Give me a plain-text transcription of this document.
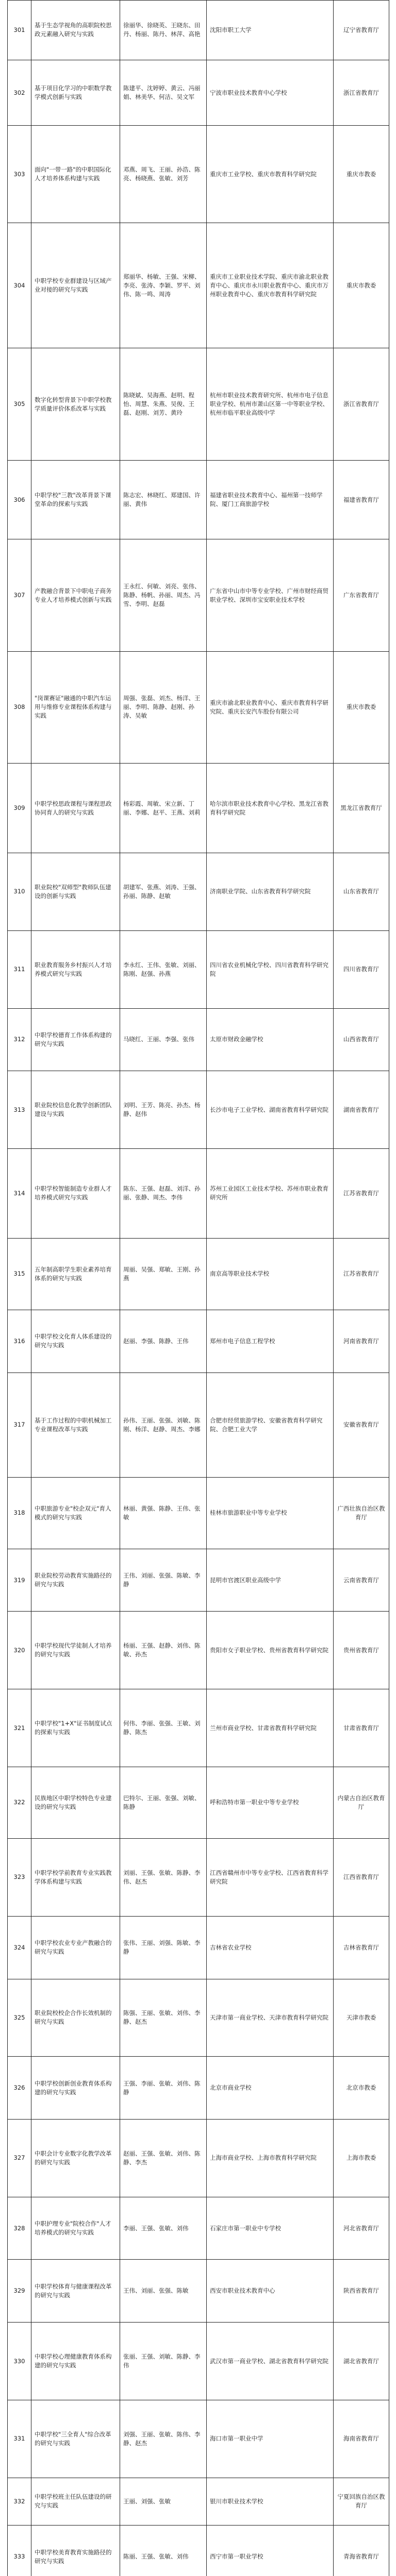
301	基于生态学视角的高职院校思政元素融入研究与实践	徐丽华、徐晓英、王晓东、田丹、杨丽、陈丹、林萍、高艳	沈阳市职工大学	辽宁省教育厅
302	基于项目化学习的中职数学教学模式创新与实践	陈建平、沈婷婷、黄云、冯丽娟、林美华、何洁、吴文军	宁波市职业技术教育中心学校	浙江省教育厅
303	面向"一带一路"的中职国际化人才培养体系构建与实践	邓燕、周飞、王丽、孙浩、陈亮、杨晓燕、张敏、刘芳	重庆市工业学校、重庆市教育科学研究院	重庆市教委
304	中职学校专业群建设与区域产业对接的研究与实践	郑丽华、杨敏、王强、宋柳、李亮、张涛、李颖、罗平、刘伟、陈一鸣、周涛	重庆市工业职业技术学院、重庆市渝北职业教育中心、重庆市永川职业教育中心、重庆市万州职业教育中心、重庆市教育科学研究院	重庆市教委
305	数字化转型背景下中职学校教学质量评价体系改革与实践	陈晓斌、吴海燕、赵明、程怡、周慧、朱燕、吴俊、王磊、赵刚、刘芳、黄玲	杭州市职业技术教育研究所、杭州市电子信息职业学校、杭州市萧山区第一中等职业学校、杭州市临平职业高级中学	浙江省教育厅
306	中职学校"三教"改革背景下课堂革命的探索与实践	陈志宏、林晓红、郑建国、许丽、黄伟	福建省职业技术教育中心、福州第一技师学院、厦门工商旅游学校	福建省教育厅
307	产教融合背景下中职电子商务专业人才培养模式创新与实践	王永红、何敏、刘亮、张伟、陈静、杨帆、孙丽、周杰、冯雪、李明、赵磊	广东省中山市中等专业学校、广州市财经商贸职业学校、深圳市宝安职业技术学校	广东省教育厅
308	"岗课赛证"融通的中职汽车运用与维修专业课程体系构建与实践	周强、张磊、刘杰、杨洋、王丽、李明、陈静、赵刚、孙涛、吴敏	重庆市渝北职业教育中心、重庆市教育科学研究院、重庆长安汽车股份有限公司	重庆市教委
309	中职学校思政课程与课程思政协同育人的研究与实践	杨彩霞、周敏、宋立新、丁丽、李娜、赵平、王燕、刘莉	哈尔滨市职业技术教育中心学校、黑龙江省教育科学研究院	黑龙江省教育厅
310	职业院校"双师型"教师队伍建设的创新与实践	胡建军、张燕、刘涛、王强、孙丽、陈静、赵敏	济南职业学院、山东省教育科学研究院	山东省教育厅
311	职业教育服务乡村振兴人才培养模式研究与实践	李永红、王伟、张敏、刘丽、陈刚、赵强、孙燕	四川省农业机械化学校、四川省教育科学研究院	四川省教育厅
312	中职学校德育工作体系构建的研究与实践	马晓红、王丽、李强、张伟	太原市财政金融学校	山西省教育厅
313	职业院校信息化教学创新团队建设与实践	刘明、王芳、陈亮、孙杰、杨静、赵伟	长沙市电子工业学校、湖南省教育科学研究院	湖南省教育厅
314	中职学校智能制造专业群人才培养模式研究与实践	陈东、王强、赵磊、刘洋、孙丽、张静、周杰、李伟	苏州工业园区工业技术学校、苏州市职业教育研究所	江苏省教育厅
315	五年制高职学生职业素养培育体系的研究与实践	周丽、吴强、郑敏、王刚、孙燕	南京高等职业技术学校	江苏省教育厅
316	中职学校文化育人体系建设的研究与实践	赵丽、李强、陈静、王伟	郑州市电子信息工程学校	河南省教育厅
317	基于工作过程的中职机械加工专业课程改革与实践	孙伟、王丽、张强、刘敏、陈刚、杨洋、赵静、周杰、李娜	合肥市经贸旅游学校、安徽省教育科学研究院、合肥工业大学	安徽省教育厅
318	中职旅游专业"校企双元"育人模式的研究与实践	林丽、黄强、陈静、王伟、张敏	桂林市旅游职业中等专业学校	广西壮族自治区教育厅
319	职业院校劳动教育实施路径的研究与实践	王伟、刘丽、张强、陈敏、李静	昆明市官渡区职业高级中学	云南省教育厅
320	中职学校现代学徒制人才培养的研究与实践	杨丽、王强、赵静、刘伟、陈敏、孙杰	贵阳市女子职业学校、贵州省教育科学研究院	贵州省教育厅
321	中职学校"1+X"证书制度试点的探索与实践	何伟、李丽、张强、王敏、刘静、陈杰	兰州市商业学校、甘肃省教育科学研究院	甘肃省教育厅
322	民族地区中职学校特色专业建设的研究与实践	巴特尔、王丽、张强、刘敏、陈静	呼和浩特市第一职业中等专业学校	内蒙古自治区教育厅
323	中职学校学前教育专业实践教学体系构建与实践	刘丽、王强、张敏、陈静、李伟、赵杰	江西省赣州市中等专业学校、江西省教育科学研究院	江西省教育厅
324	中职学校农业专业产教融合的研究与实践	张伟、王丽、刘强、陈敏、李静	吉林省农业学校	吉林省教育厅
325	职业院校校企合作长效机制的研究与实践	陈强、王丽、张敏、刘伟、李静、赵杰	天津市第一商业学校、天津市教育科学研究院	天津市教委
326	中职学校创新创业教育体系构建的研究与实践	王强、李丽、张敏、刘伟、陈静	北京市商业学校	北京市教委
327	中职会计专业数字化教学改革的研究与实践	赵丽、王强、张敏、刘伟、陈静、李杰	上海市商业学校、上海市教育科学研究院	上海市教委
328	中职护理专业"院校合作"人才培养模式的研究与实践	李丽、王强、张敏、刘伟	石家庄市第一职业中专学校	河北省教育厅
329	中职学校体育与健康课程改革的研究与实践	王伟、刘丽、张强、陈敏	西安市职业技术教育中心	陕西省教育厅
330	中职学校心理健康教育体系构建的研究与实践	张丽、王强、刘敏、陈静、李伟	武汉市第一商业学校、湖北省教育科学研究院	湖北省教育厅
331	中职学校"三全育人"综合改革的研究与实践	刘强、王丽、张敏、陈伟、李静、赵杰	海口市第一职业中学	海南省教育厅
332	中职学校班主任队伍建设的研究与实践	王丽、刘强、张敏	银川市职业技术学校	宁夏回族自治区教育厅
333	中职学校美育教育实施路径的研究与实践	陈丽、王强、张敏、刘伟	西宁市第一职业学校	青海省教育厅
